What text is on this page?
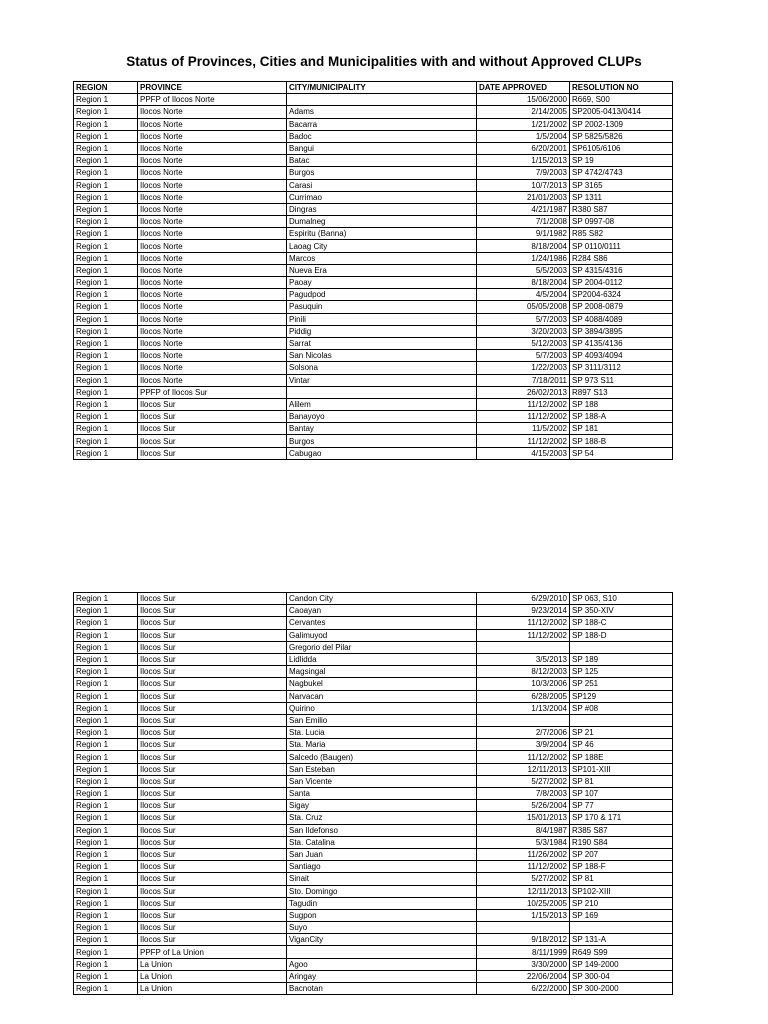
Status of Provinces, Cities and Municipalities with and without Approved CLUPs
REGION	PROVINCE	CITY/MUNICIPALITY	DATE APPROVED	RESOLUTION NO
Region 1	PPFP of Ilocos Norte		15/06/2000	R669, S00
Region 1	Ilocos Norte	Adams	2/14/2005	SP2005-0413/0414
Region 1	Ilocos Norte	Bacarra	1/21/2002	SP 2002-1309
Region 1	Ilocos Norte	Badoc	1/5/2004	SP 5825/5826
Region 1	Ilocos Norte	Bangui	6/20/2001	SP6105/6106
Region 1	Ilocos Norte	Batac	1/15/2013	SP 19
Region 1	Ilocos Norte	Burgos	7/9/2003	SP 4742/4743
Region 1	Ilocos Norte	Carasi	10/7/2013	SP 3165
Region 1	Ilocos Norte	Currimao	21/01/2003	SP 1311
Region 1	Ilocos Norte	Dingras	4/21/1987	R380 S87
Region 1	Ilocos Norte	Dumalneg	7/1/2008	SP 0997-08
Region 1	Ilocos Norte	Espiritu (Banna)	9/1/1982	R85 S82
Region 1	Ilocos Norte	Laoag City	8/18/2004	SP 0110/0111
Region 1	Ilocos Norte	Marcos	1/24/1986	R284 S86
Region 1	Ilocos Norte	Nueva Era	5/5/2003	SP 4315/4316
Region 1	Ilocos Norte	Paoay	8/18/2004	SP 2004-0112
Region 1	Ilocos Norte	Pagudpod	4/5/2004	SP2004-6324
Region 1	Ilocos Norte	Pasuquin	05/05/2008	SP 2008-0879
Region 1	Ilocos Norte	Pinili	5/7/2003	SP 4088/4089
Region 1	Ilocos Norte	Piddig	3/20/2003	SP 3894/3895
Region 1	Ilocos Norte	Sarrat	5/12/2003	SP 4135/4136
Region 1	Ilocos Norte	San Nicolas	5/7/2003	SP 4093/4094
Region 1	Ilocos Norte	Solsona	1/22/2003	SP 3111/3112
Region 1	Ilocos Norte	Vintar	7/18/2011	SP 973 S11
Region 1	PPFP of Ilocos Sur		26/02/2013	R897 S13
Region 1	Ilocos Sur	Alilem	11/12/2002	SP 188
Region 1	Ilocos Sur	Banayoyo	11/12/2002	SP 188-A
Region 1	Ilocos Sur	Bantay	11/5/2002	SP 181
Region 1	Ilocos Sur	Burgos	11/12/2002	SP 188-B
Region 1	Ilocos Sur	Cabugao	4/15/2003	SP 54
Region 1	Ilocos Sur	Candon City	6/29/2010	SP 063, S10
Region 1	Ilocos Sur	Caoayan	9/23/2014	SP 350-XIV
Region 1	Ilocos Sur	Cervantes	11/12/2002	SP 188-C
Region 1	Ilocos Sur	Galimuyod	11/12/2002	SP 188-D
Region 1	Ilocos Sur	Gregorio del Pilar		
Region 1	Ilocos Sur	Lidlidda	3/5/2013	SP 189
Region 1	Ilocos Sur	Magsingal	8/12/2003	SP 125
Region 1	Ilocos Sur	Nagbukel	10/3/2006	SP 251
Region 1	Ilocos Sur	Narvacan	6/28/2005	SP129
Region 1	Ilocos Sur	Quirino	1/13/2004	SP #08
Region 1	Ilocos Sur	San Emilio		
Region 1	Ilocos Sur	Sta. Lucia	2/7/2006	SP 21
Region 1	Ilocos Sur	Sta. Maria	3/9/2004	SP 46
Region 1	Ilocos Sur	Salcedo (Baugen)	11/12/2002	SP 188E
Region 1	Ilocos Sur	San Esteban	12/11/2013	SP101-XIII
Region 1	Ilocos Sur	San Vicente	5/27/2002	SP 81
Region 1	Ilocos Sur	Santa	7/8/2003	SP 107
Region 1	Ilocos Sur	Sigay	5/26/2004	SP 77
Region 1	Ilocos Sur	Sta. Cruz	15/01/2013	SP 170 & 171
Region 1	Ilocos Sur	San Ildefonso	8/4/1987	R385 S87
Region 1	Ilocos Sur	Sta. Catalina	5/3/1984	R190 S84
Region 1	Ilocos Sur	San Juan	11/26/2002	SP 207
Region 1	Ilocos Sur	Santiago	11/12/2002	SP 188-F
Region 1	Ilocos Sur	Sinait	5/27/2002	SP 81
Region 1	Ilocos Sur	Sto. Domingo	12/11/2013	SP102-XIII
Region 1	Ilocos Sur	Tagudin	10/25/2005	SP 210
Region 1	Ilocos Sur	Sugpon	1/15/2013	SP 169
Region 1	Ilocos Sur	Suyo		
Region 1	Ilocos Sur	ViganCity	9/18/2012	SP 131-A
Region 1	PPFP of La Union		8/11/1999	R649 S99
Region 1	La Union	Agoo	3/30/2000	SP 149-2000
Region 1	La Union	Aringay	22/06/2004	SP 300-04
Region 1	La Union	Bacnotan	6/22/2000	SP 300-2000
